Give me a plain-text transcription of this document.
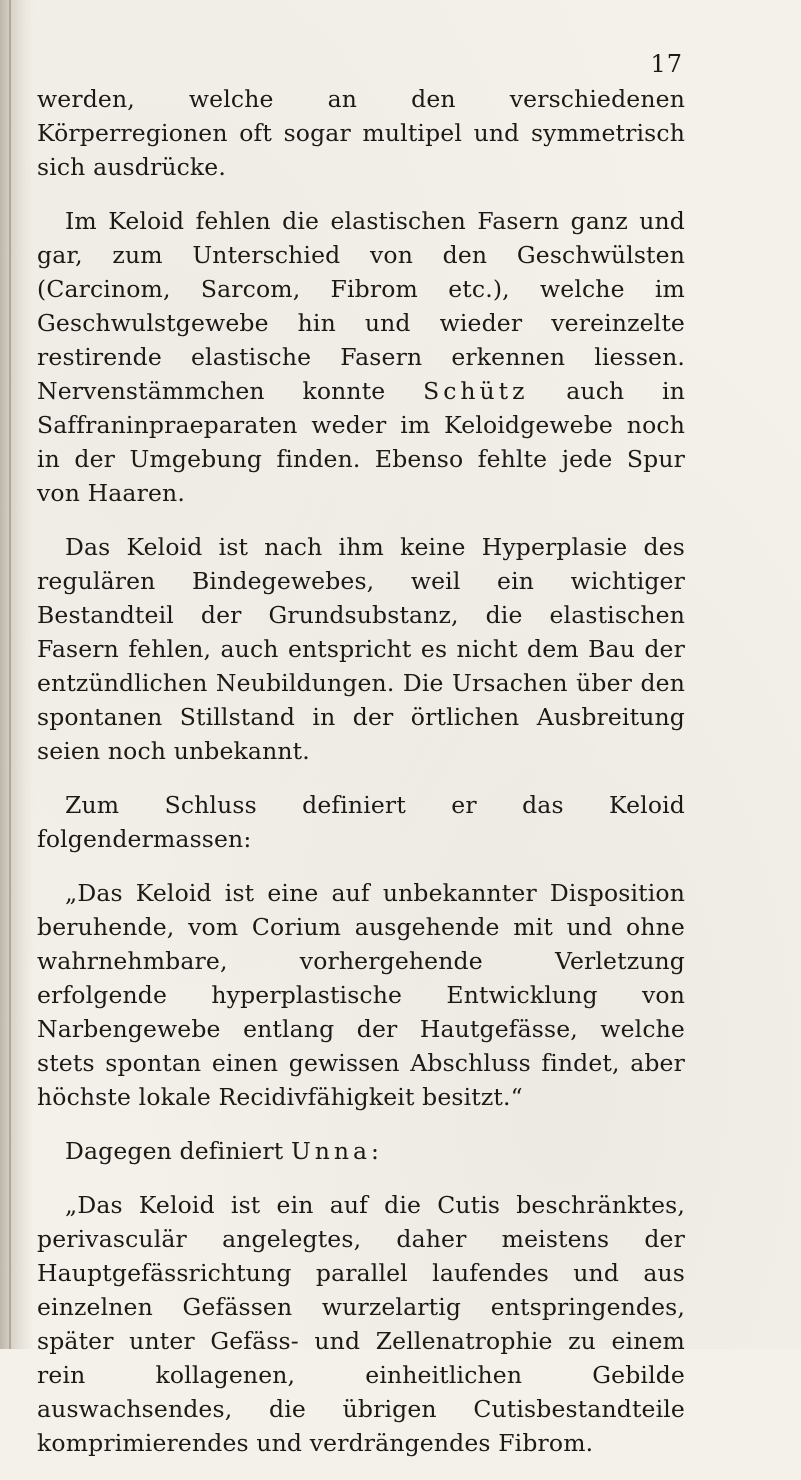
17

werden, welche an den verschiedenen Körperregionen oft sogar multipel und symmetrisch sich ausdrücke.

Im Keloid fehlen die elastischen Fasern ganz und gar, zum Unterschied von den Geschwülsten (Carcinom, Sarcom, Fibrom etc.), welche im Geschwulstgewebe hin und wieder vereinzelte restirende elastische Fasern erkennen liessen. Nervenstämmchen konnte Schütz auch in Saffraninpraeparaten weder im Keloidgewebe noch in der Umgebung finden. Ebenso fehlte jede Spur von Haaren.

Das Keloid ist nach ihm keine Hyperplasie des regulären Bindegewebes, weil ein wichtiger Bestandteil der Grundsubstanz, die elastischen Fasern fehlen, auch entspricht es nicht dem Bau der entzündlichen Neubildungen. Die Ursachen über den spontanen Stillstand in der örtlichen Ausbreitung seien noch unbekannt.

Zum Schluss definiert er das Keloid folgendermassen:

„Das Keloid ist eine auf unbekannter Disposition beruhende, vom Corium ausgehende mit und ohne wahrnehmbare, vorhergehende Verletzung erfolgende hyperplastische Entwicklung von Narbengewebe entlang der Hautgefässe, welche stets spontan einen gewissen Abschluss findet, aber höchste lokale Recidivfähigkeit besitzt.“

Dagegen definiert Unna:

„Das Keloid ist ein auf die Cutis beschränktes, perivasculär angelegtes, daher meistens der Hauptgefässrichtung parallel laufendes und aus einzelnen Gefässen wurzelartig entspringendes, später unter Gefäss- und Zellenatrophie zu einem rein kollagenen, einheitlichen Gebilde auswachsendes, die übrigen Cutisbestandteile komprimierendes und verdrängendes Fibrom.
